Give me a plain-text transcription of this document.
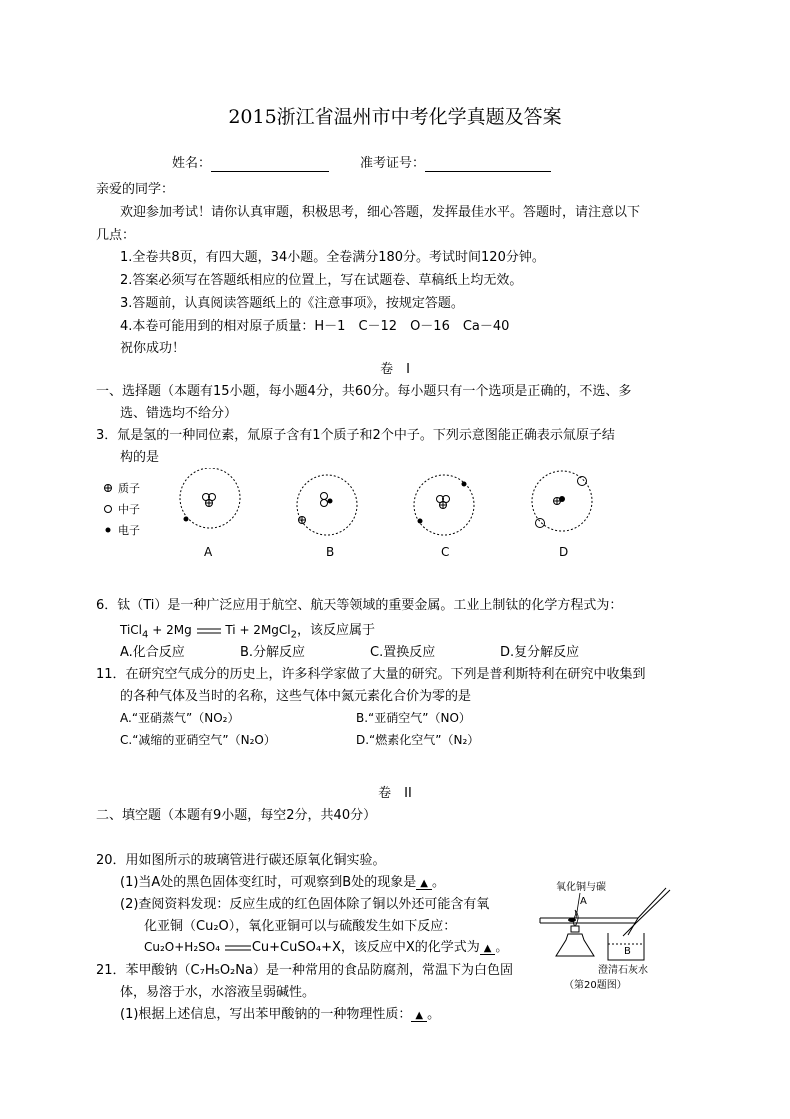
2015浙江省温州市中考化学真题及答案
姓名：	准考证号：
亲爱的同学：
欢迎参加考试！请你认真审题，积极思考，细心答题，发挥最佳水平。答题时，请注意以下
几点：
1.全卷共8页，有四大题，34小题。全卷满分180分。考试时间120分钟。
2.答案必须写在答题纸相应的位置上，写在试题卷、草稿纸上均无效。
3.答题前，认真阅读答题纸上的《注意事项》，按规定答题。
4.本卷可能用到的相对原子质量：H－1　C－12　O－16　Ca－40
祝你成功！
卷　I
一、选择题（本题有15小题，每小题4分，共60分。每小题只有一个选项是正确的，不选、多
选、错选均不给分）
3．氚是氢的一种同位素，氚原子含有1个质子和2个中子。下列示意图能正确表示氚原子结
构的是
质子
中子
电子
A	B	C	D
6．钛（Ti）是一种广泛应用于航空、航天等领域的重要金属。工业上制钛的化学方程式为：
TiCl$_4$ + 2Mg  Ti + 2MgCl$_2$，该反应属于
A.化合反应	B.分解反应	C.置换反应	D.复分解反应
11．在研究空气成分的历史上，许多科学家做了大量的研究。下列是普利斯特利在研究中收集到
的各种气体及当时的名称，这些气体中氮元素化合价为零的是
A.“亚硝蒸气”（NO₂）	B.“亚硝空气”（NO）
C.“减缩的亚硝空气”（N₂O）	D.“燃素化空气”（N₂）
卷　II
二、填空题（本题有9小题，每空2分，共40分）
20．用如图所示的玻璃管进行碳还原氧化铜实验。
(1)当A处的黑色固体变红时，可观察到B处的现象是 ▲ 。
(2)查阅资料发现：反应生成的红色固体除了铜以外还可能含有氧
化亚铜（Cu₂O），氧化亚铜可以与硫酸发生如下反应：
Cu₂O+H₂SO₄ Cu+CuSO₄+X，该反应中X的化学式为 ▲ 。
氧化铜与碳
A
B
澄清石灰水
（第20题图）
21．苯甲酸钠（C₇H₅O₂Na）是一种常用的食品防腐剂，常温下为白色固
体，易溶于水，水溶液呈弱碱性。
(1)根据上述信息，写出苯甲酸钠的一种物理性质： ▲ 。
